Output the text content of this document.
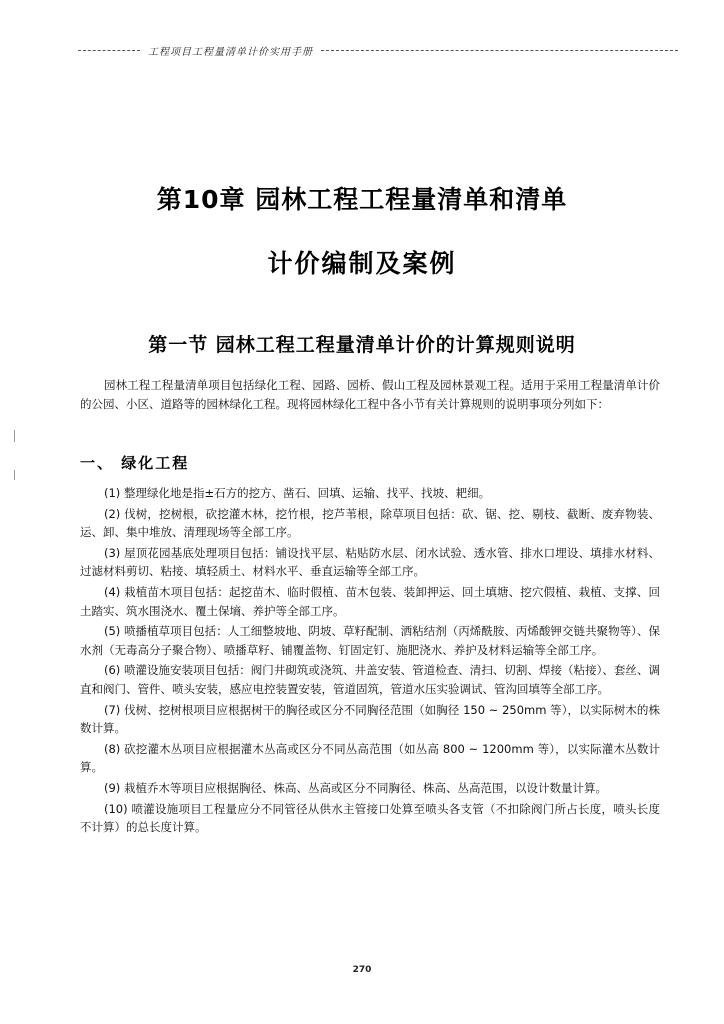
工程项目工程量清单计价实用手册
第10章 园林工程工程量清单和清单
计价编制及案例
第一节 园林工程工程量清单计价的计算规则说明
园林工程工程量清单项目包括绿化工程、园路、园桥、假山工程及园林景观工程。适用于采用工程量清单计价的公园、小区、道路等的园林绿化工程。现将园林绿化工程中各小节有关计算规则的说明事项分列如下：
一、 绿化工程

(1) 整理绿化地是指±石方的挖方、凿石、回填、运输、找平、找坡、耙细。

(2) 伐树，挖树根，砍挖灌木林，挖竹根，挖芦苇根，除草项目包括：砍、锯、挖、剔枝、截断、废弃物装、运、卸、集中堆放、清理现场等全部工序。

(3) 屋顶花园基底处理项目包括：铺设找平层、粘贴防水层、闭水试验、透水管、排水口埋设、填排水材料、过滤材料剪切、粘接、填轻质土、材料水平、垂直运输等全部工序。

(4) 栽植苗木项目包括：起挖苗木、临时假植、苗木包装、装卸押运、回土填塘、挖穴假植、栽植、支撑、回土踏实、筑水围浇水、覆土保墒、养护等全部工序。

(5) 喷播植草项目包括：人工细整坡地、阴坡、草籽配制、洒粘结剂（丙烯酰胺、丙烯酸钾交链共聚物等）、保水剂（无毒高分子聚合物）、喷播草籽、铺覆盖物、钉固定钉、施肥浇水、养护及材料运输等全部工序。

(6) 喷灌设施安装项目包括：阀门井砌筑或浇筑、井盖安装、管道检查、清扫、切割、焊接（粘接）、套丝、调直和阀门、管件、喷头安装，感应电控装置安装，管道固筑，管道水压实验调试、管沟回填等全部工序。

(7) 伐树、挖树根项目应根据树干的胸径或区分不同胸径范围（如胸径 150 ~ 250mm 等），以实际树木的株数计算。

(8) 砍挖灌木丛项目应根据灌木丛高或区分不同丛高范围（如丛高 800 ~ 1200mm 等），以实际灌木丛数计算。

(9) 栽植乔木等项目应根据胸径、株高、丛高或区分不同胸径、株高、丛高范围，以设计数量计算。

(10) 喷灌设施项目工程量应分不同管径从供水主管接口处算至喷头各支管（不扣除阀门所占长度，喷头长度不计算）的总长度计算。

270
